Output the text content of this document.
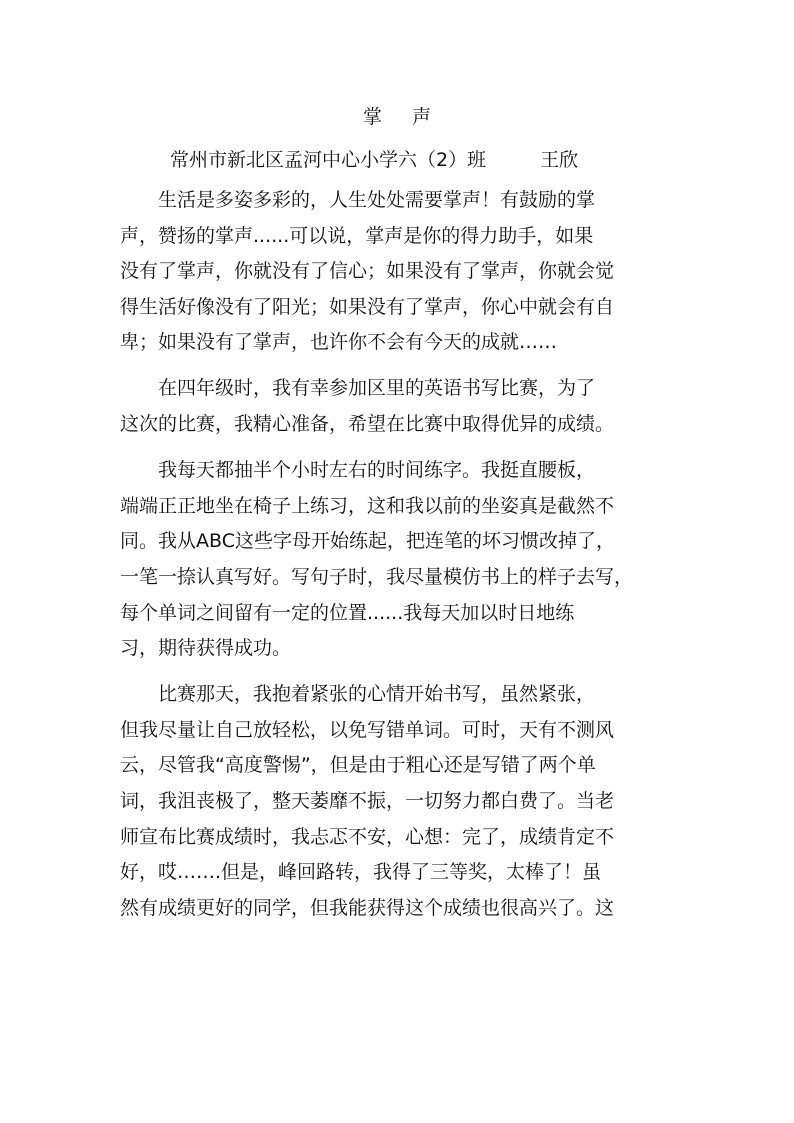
掌 声
常州市新北区孟河中心小学六（2）班	王欣
　　生活是多姿多彩的，人生处处需要掌声！有鼓励的掌
声，赞扬的掌声......可以说，掌声是你的得力助手，如果
没有了掌声，你就没有了信心；如果没有了掌声，你就会觉
得生活好像没有了阳光；如果没有了掌声，你心中就会有自
卑；如果没有了掌声，也许你不会有今天的成就……
　　在四年级时，我有幸参加区里的英语书写比赛，为了
这次的比赛，我精心准备，希望在比赛中取得优异的成绩。
　　我每天都抽半个小时左右的时间练字。我挺直腰板，
端端正正地坐在椅子上练习，这和我以前的坐姿真是截然不
同。我从ABC这些字母开始练起，把连笔的坏习惯改掉了，
一笔一捺认真写好。写句子时，我尽量模仿书上的样子去写，
每个单词之间留有一定的位置......我每天加以时日地练
习，期待获得成功。
　　比赛那天，我抱着紧张的心情开始书写，虽然紧张，
但我尽量让自己放轻松，以免写错单词。可时，天有不测风
云，尽管我“高度警惕”，但是由于粗心还是写错了两个单
词，我沮丧极了，整天萎靡不振，一切努力都白费了。当老
师宣布比赛成绩时，我忐忑不安，心想：完了，成绩肯定不
好，哎…….但是，峰回路转，我得了三等奖，太棒了！虽
然有成绩更好的同学，但我能获得这个成绩也很高兴了。这
